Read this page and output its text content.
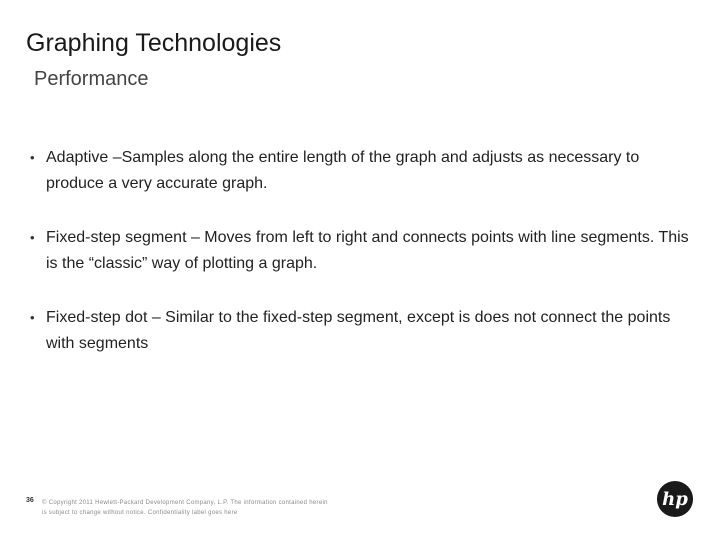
Graphing Technologies
Performance
• Adaptive –Samples along the entire length of the graph and adjusts as necessary to produce a very accurate graph.
• Fixed-step segment – Moves from left to right and connects points with line segments. This is the “classic” way of plotting a graph.
• Fixed-step dot – Similar to the fixed-step segment, except is does not connect the points with segments
36 © Copyright 2011 Hewlett-Packard Development Company, L.P. The information contained herein is subject to change without notice. Confidentiality label goes here
hp
